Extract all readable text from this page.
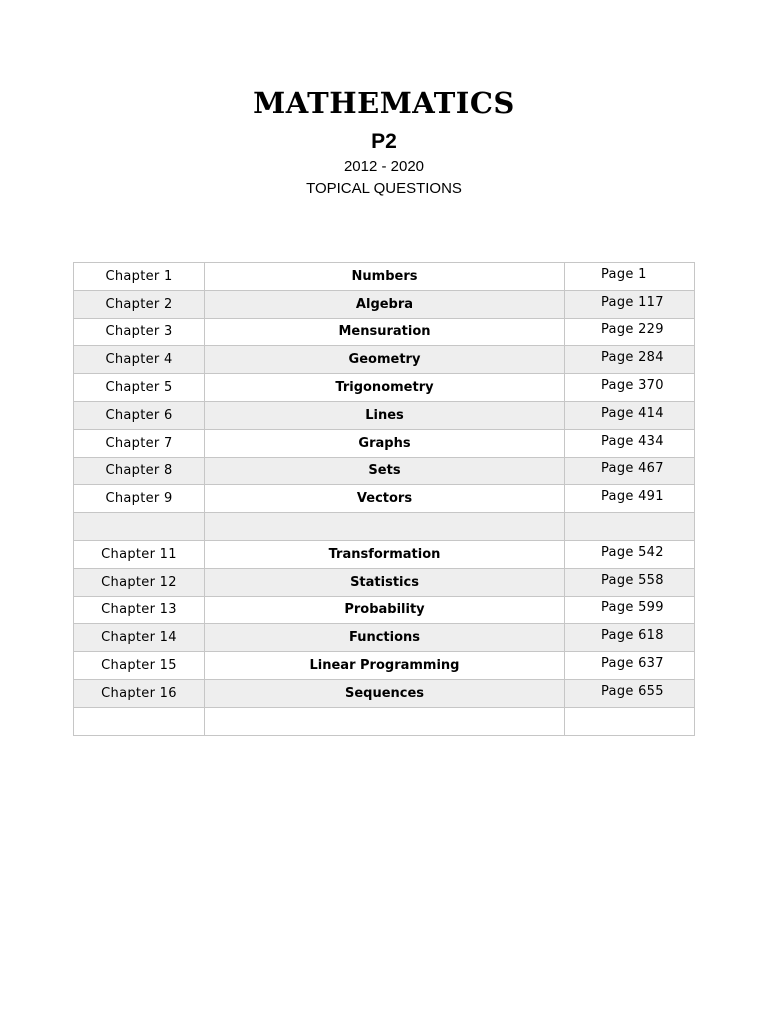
MATHEMATICS
P2
2012 - 2020
TOPICAL QUESTIONS
Chapter 1	Numbers	Page 1
Chapter 2	Algebra	Page 117
Chapter 3	Mensuration	Page 229
Chapter 4	Geometry	Page 284
Chapter 5	Trigonometry	Page 370
Chapter 6	Lines	Page 414
Chapter 7	Graphs	Page 434
Chapter 8	Sets	Page 467
Chapter 9	Vectors	Page 491

Chapter 11	Transformation	Page 542
Chapter 12	Statistics	Page 558
Chapter 13	Probability	Page 599
Chapter 14	Functions	Page 618
Chapter 15	Linear Programming	Page 637
Chapter 16	Sequences	Page 655
